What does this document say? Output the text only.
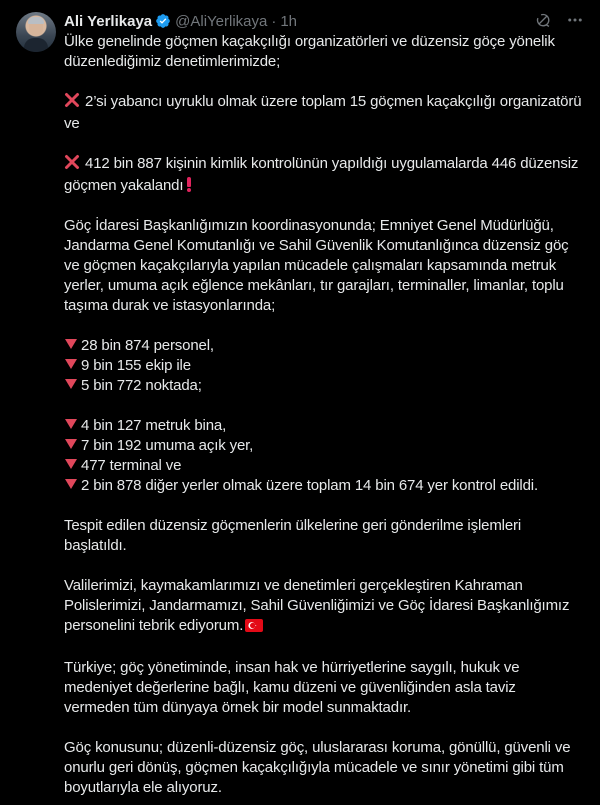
Ali Yerlikaya @AliYerlikaya · 1h

Ülke genelinde göçmen kaçakçılığı organizatörleri ve düzensiz göçe yönelik düzenlediğimiz denetimlerimizde;

2’si yabancı uyruklu olmak üzere toplam 15 göçmen kaçakçılığı organizatörü ve

412 bin 887 kişinin kimlik kontrolünün yapıldığı uygulamalarda 446 düzensiz göçmen yakalandı

Göç İdaresi Başkanlığımızın koordinasyonunda; Emniyet Genel Müdürlüğü, Jandarma Genel Komutanlığı ve Sahil Güvenlik Komutanlığınca düzensiz göç ve göçmen kaçakçılarıyla yapılan mücadele çalışmaları kapsamında metruk yerler, umuma açık eğlence mekânları, tır garajları, terminaller, limanlar, toplu taşıma durak ve istasyonlarında;

28 bin 874 personel,

9 bin 155 ekip ile

5 bin 772 noktada;

4 bin 127 metruk bina,

7 bin 192 umuma açık yer,

477 terminal ve

2 bin 878 diğer yerler olmak üzere toplam 14 bin 674 yer kontrol edildi.

Tespit edilen düzensiz göçmenlerin ülkelerine geri gönderilme işlemleri başlatıldı.

Valilerimizi, kaymakamlarımızı ve denetimleri gerçekleştiren Kahraman Polislerimizi, Jandarmamızı, Sahil Güvenliğimizi ve Göç İdaresi Başkanlığımız personelini tebrik ediyorum.

Türkiye; göç yönetiminde, insan hak ve hürriyetlerine saygılı, hukuk ve medeniyet değerlerine bağlı, kamu düzeni ve güvenliğinden asla taviz vermeden tüm dünyaya örnek bir model sunmaktadır.

Göç konusunu; düzenli-düzensiz göç, uluslararası koruma, gönüllü, güvenli ve onurlu geri dönüş, göçmen kaçakçılığıyla mücadele ve sınır yönetimi gibi tüm boyutlarıyla ele alıyoruz.
